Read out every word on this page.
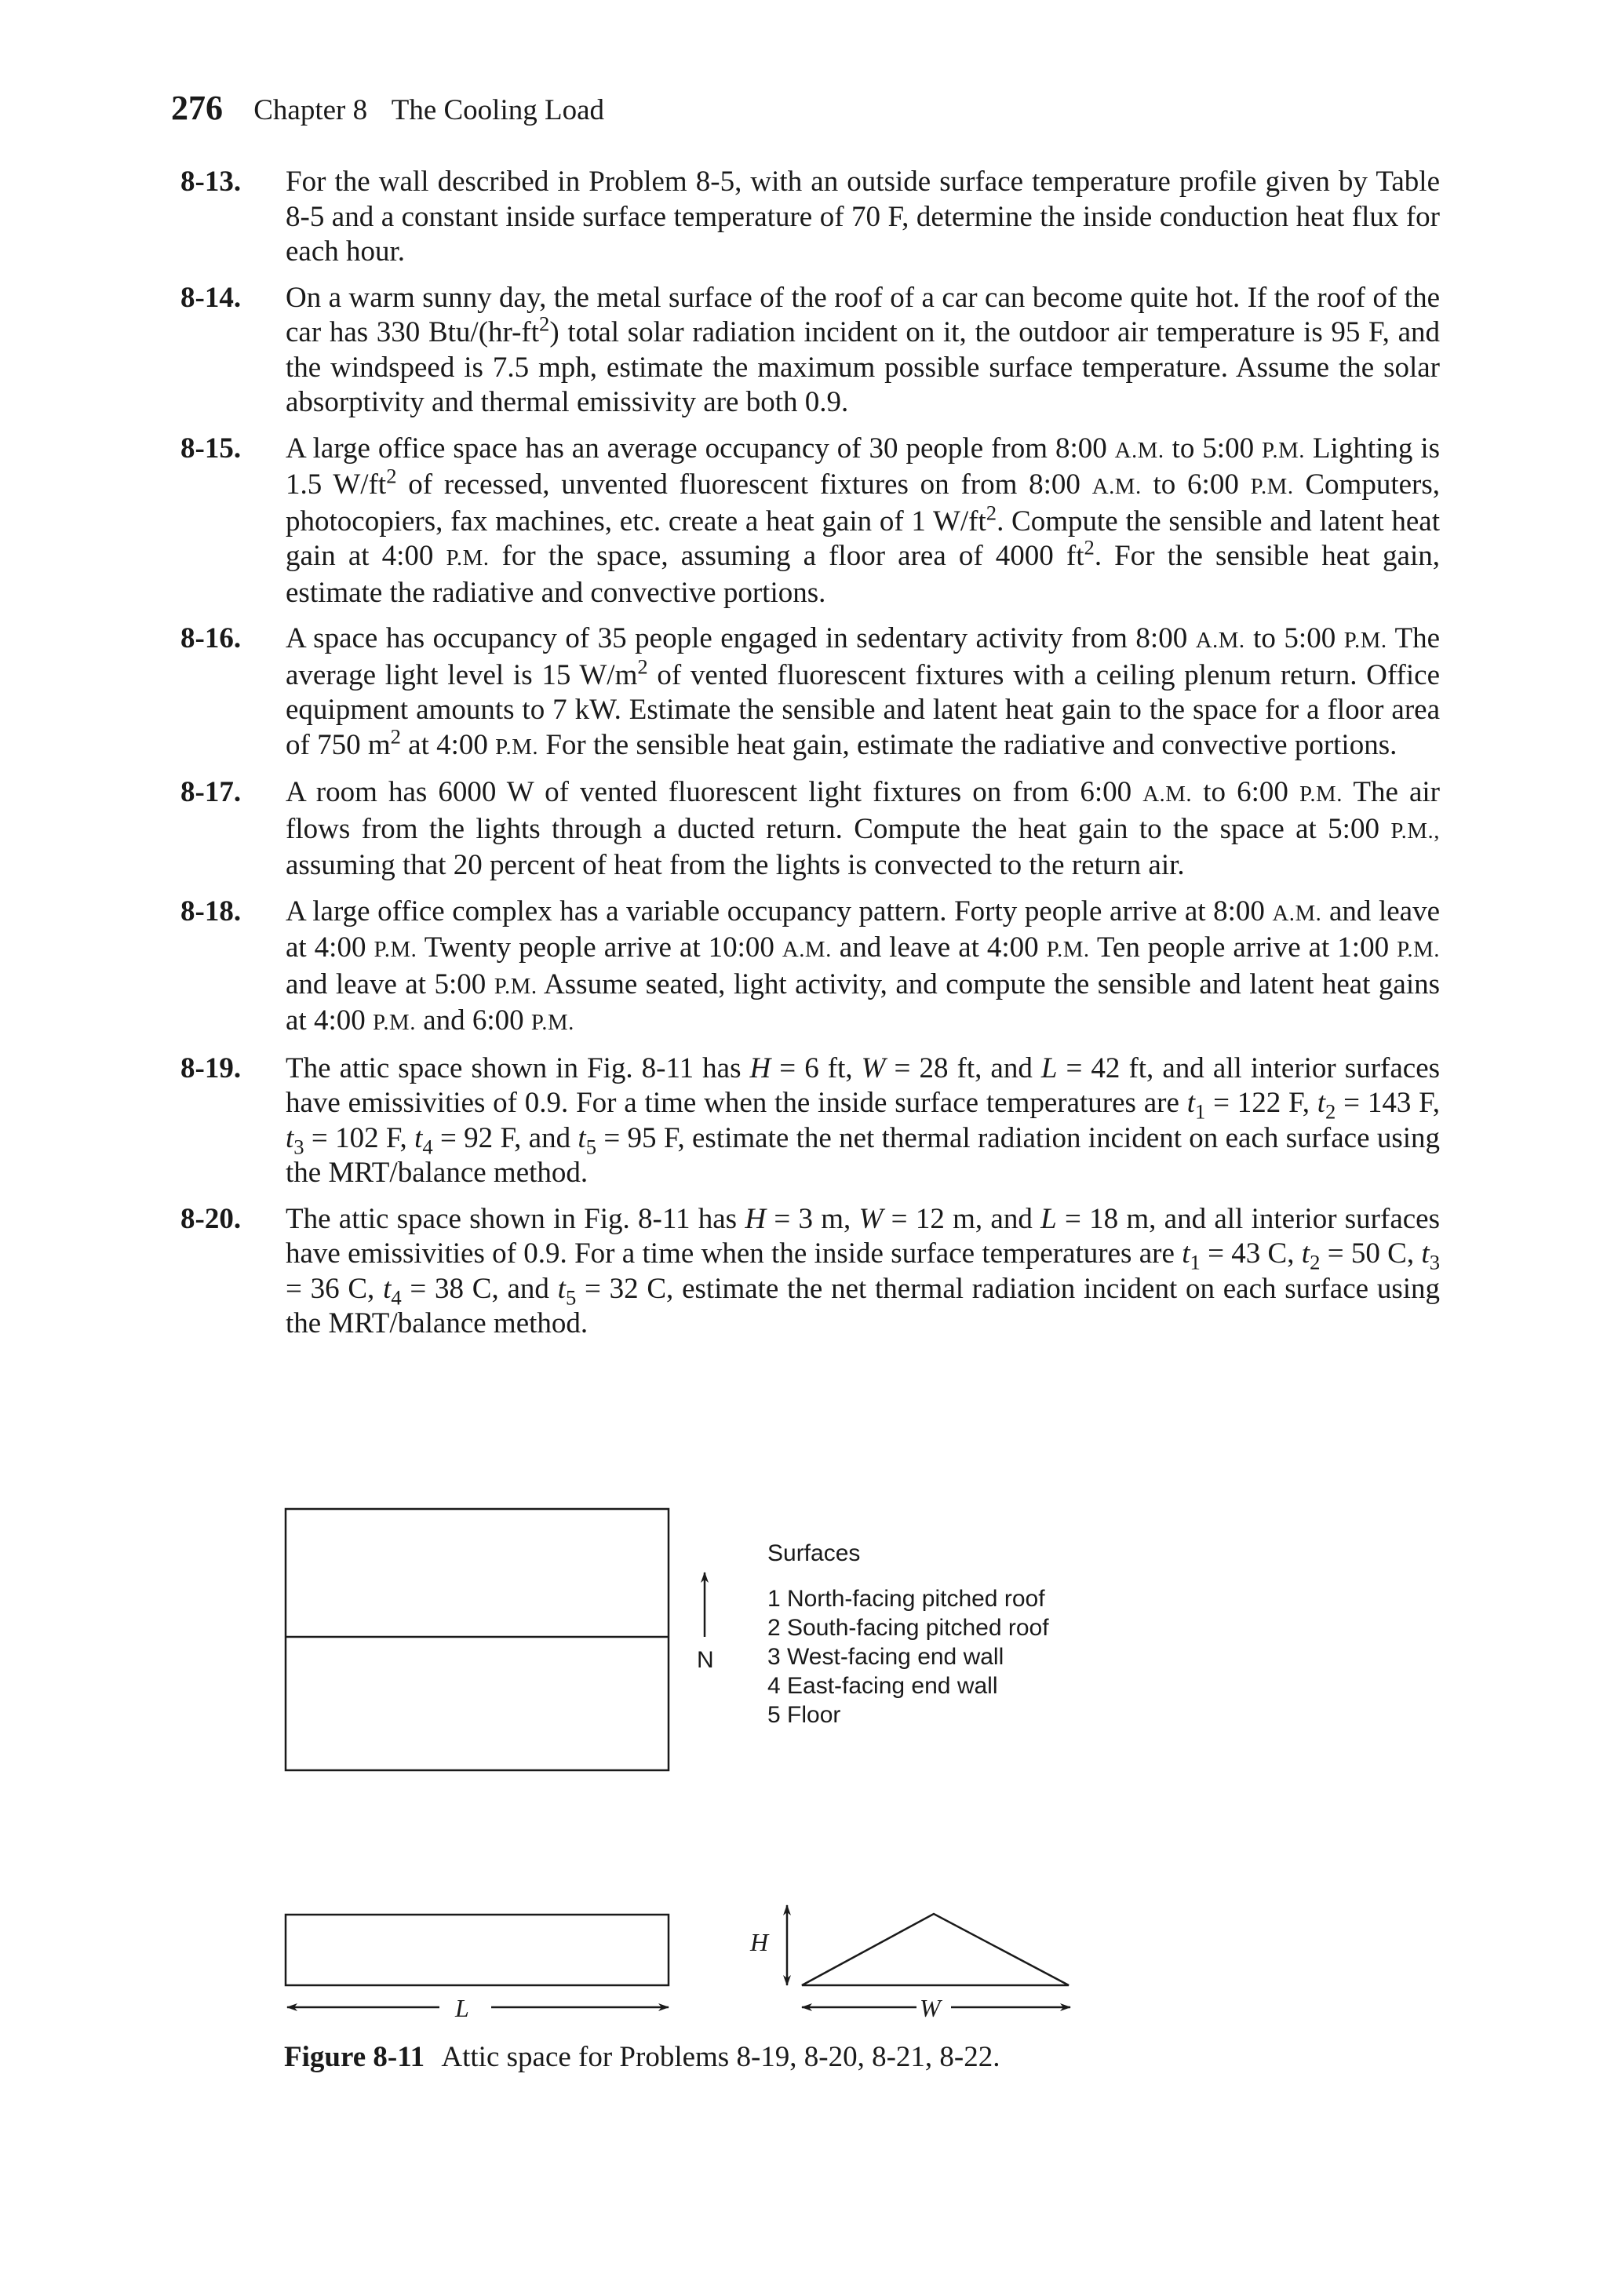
276 Chapter 8 The Cooling Load
8-13. For the wall described in Problem 8-5, with an outside surface temperature profile given by Table 8-5 and a constant inside surface temperature of 70 F, determine the inside conduction heat flux for each hour.
8-14. On a warm sunny day, the metal surface of the roof of a car can become quite hot. If the roof of the car has 330 Btu/$(hr-ft^2)$ total solar radiation incident on it, the outdoor air temperature is 95 F, and the windspeed is 7.5 mph, estimate the maximum possible surface temperature. Assume the solar absorptivity and thermal emissivity are both 0.9.
8-15. A large office space has an average occupancy of 30 people from 8:00 A.M. to 5:00 P.M. Lighting is 1.5 $W/ft^2$ of recessed, unvented fluorescent fixtures on from 8:00 A.M. to 6:00 P.M. Computers, photocopiers, fax machines, etc. create a heat gain of 1 $W/ft^2$. Compute the sensible and latent heat gain at 4:00 P.M. for the space, assuming a floor area of 4000 $ft^2$. For the sensible heat gain, estimate the radiative and convective portions.
8-16. A space has occupancy of 35 people engaged in sedentary activity from 8:00 A.M. to 5:00 P.M. The average light level is 15 $W/m^2$ of vented fluorescent fixtures with a ceiling plenum return. Office equipment amounts to 7 kW. Estimate the sensible and latent heat gain to the space for a floor area of 750 $m^2$ at 4:00 P.M. For the sensible heat gain, estimate the radiative and convective portions.
8-17. A room has 6000 W of vented fluorescent light fixtures on from 6:00 A.M. to 6:00 P.M. The air flows from the lights through a ducted return. Compute the heat gain to the space at 5:00 P.M., assuming that 20 percent of heat from the lights is convected to the return air.
8-18. A large office complex has a variable occupancy pattern. Forty people arrive at 8:00 A.M. and leave at 4:00 P.M. Twenty people arrive at 10:00 A.M. and leave at 4:00 P.M. Ten people arrive at 1:00 P.M. and leave at 5:00 P.M. Assume seated, light activity, and compute the sensible and latent heat gains at 4:00 P.M. and 6:00 P.M.
8-19. The attic space shown in Fig. 8-11 has H = 6 ft, W = 28 ft, and L = 42 ft, and all interior surfaces have emissivities of 0.9. For a time when the inside surface temperatures are $t_1 = 122$ F, $t_2 = 143$ F, $t_3 = 102$ F, $t_4 = 92$ F, and $t_5 = 95$ F, estimate the net thermal radiation incident on each surface using the MRT/balance method.
8-20. The attic space shown in Fig. 8-11 has H = 3 m, W = 12 m, and L = 18 m, and all interior surfaces have emissivities of 0.9. For a time when the inside surface temperatures are $t_1 = 43$ C, $t_2 = 50$ C, $t_3 = 36$ C, $t_4 = 38$ C, and $t_5 = 32$ C, estimate the net thermal radiation incident on each surface using the MRT/balance method.
N
Surfaces
1 North-facing pitched roof
2 South-facing pitched roof
3 West-facing end wall
4 East-facing end wall
5 Floor
L
H
W
Figure 8-11 Attic space for Problems 8-19, 8-20, 8-21, 8-22.
